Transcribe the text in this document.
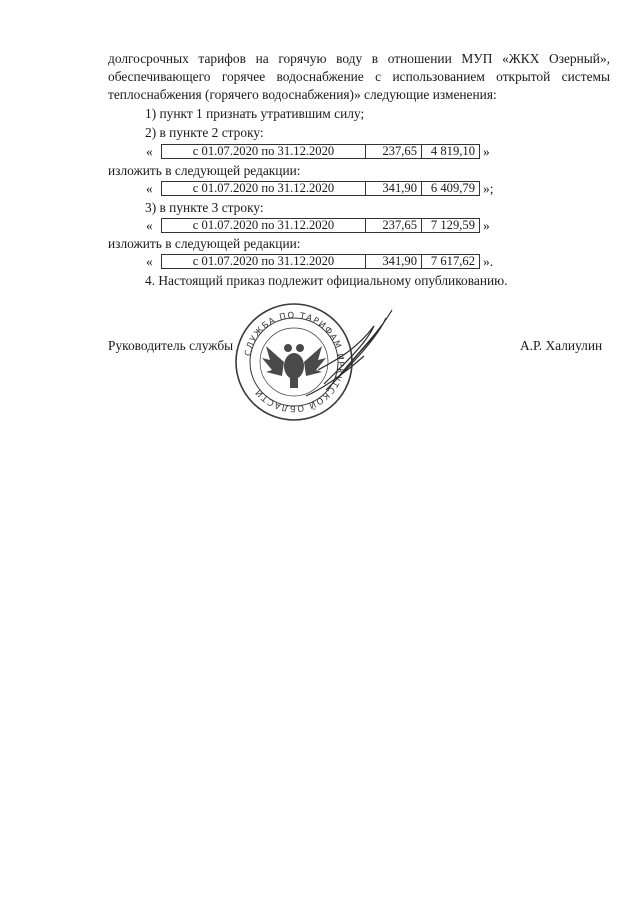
долгосрочных тарифов на горячую воду в отношении МУП «ЖКХ Озерный»,
обеспечивающего горячее водоснабжение с использованием открытой системы
теплоснабжения (горячего водоснабжения)» следующие изменения:
1) пункт 1 признать утратившим силу;
2) в пункте 2 строку:
«	с 01.07.2020 по 31.12.2020	237,65	4 819,10 »
изложить в следующей редакции:
«	с 01.07.2020 по 31.12.2020	341,90	6 409,79 »;
3) в пункте 3 строку:
«	с 01.07.2020 по 31.12.2020	237,65	7 129,59 »
изложить в следующей редакции:
«	с 01.07.2020 по 31.12.2020	341,90	7 617,62 ».
4. Настоящий приказ подлежит официальному опубликованию.
СЛУЖБА ПО ТАРИФАМ ИРКУТСКОЙ ОБЛАСТИ
Руководитель службы	А.Р. Халиулин
